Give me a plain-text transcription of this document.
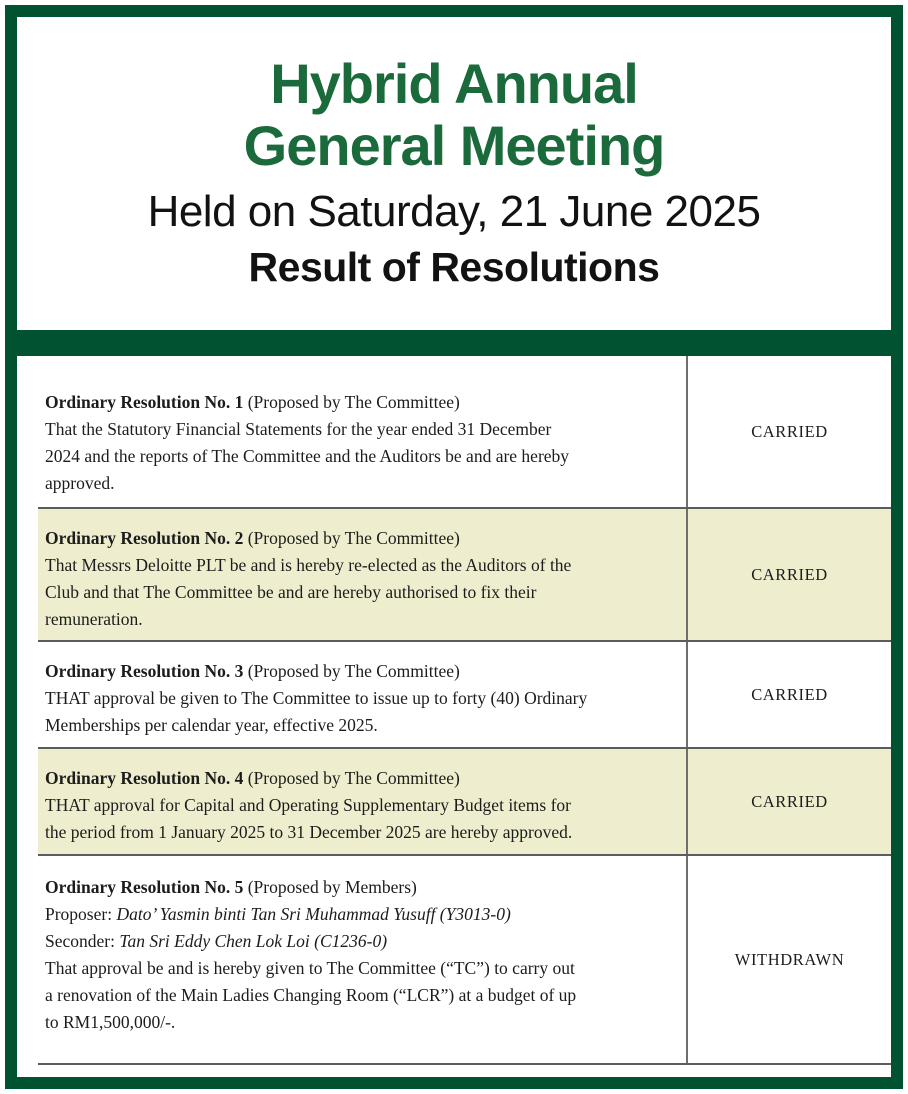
Hybrid Annual
General Meeting
Held on Saturday, 21 June 2025
Result of Resolutions
Ordinary Resolution No. 1 (Proposed by The Committee)
That the Statutory Financial Statements for the year ended 31 December
2024 and the reports of The Committee and the Auditors be and are hereby
approved.
CARRIED
Ordinary Resolution No. 2 (Proposed by The Committee)
That Messrs Deloitte PLT be and is hereby re-elected as the Auditors of the
Club and that The Committee be and are hereby authorised to fix their
remuneration.
CARRIED
Ordinary Resolution No. 3 (Proposed by The Committee)
THAT approval be given to The Committee to issue up to forty (40) Ordinary
Memberships per calendar year, effective 2025.
CARRIED
Ordinary Resolution No. 4 (Proposed by The Committee)
THAT approval for Capital and Operating Supplementary Budget items for
the period from 1 January 2025 to 31 December 2025 are hereby approved.
CARRIED
Ordinary Resolution No. 5 (Proposed by Members)
Proposer: Dato’ Yasmin binti Tan Sri Muhammad Yusuff (Y3013-0)
Seconder: Tan Sri Eddy Chen Lok Loi (C1236-0)
That approval be and is hereby given to The Committee (“TC”) to carry out
a renovation of the Main Ladies Changing Room (“LCR”) at a budget of up
to RM1,500,000/-.
WITHDRAWN
